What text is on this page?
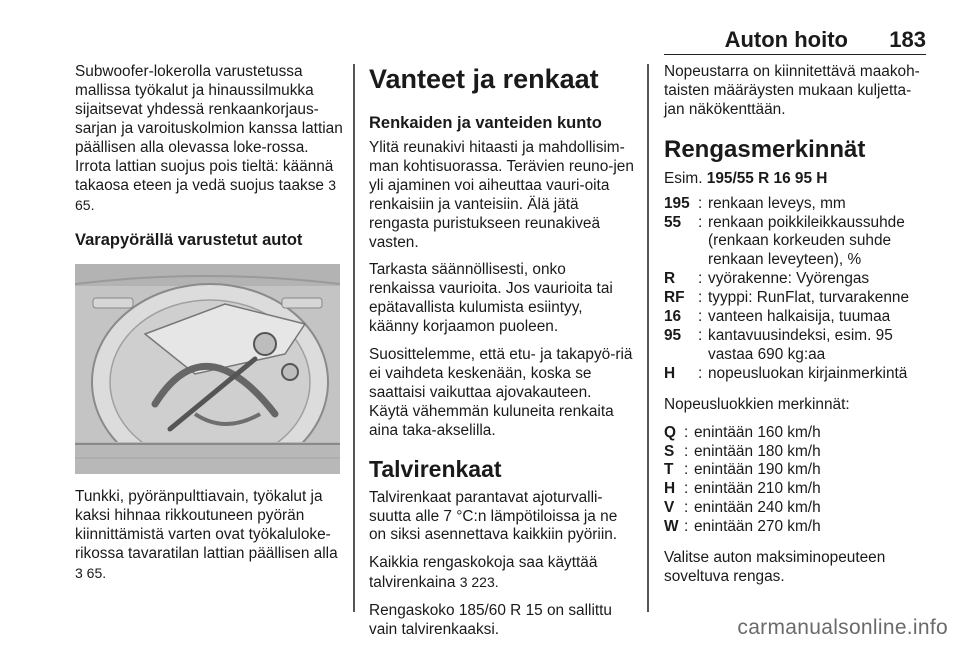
Auton hoito 183

Subwoofer-lokerolla varustetussa mallissa työkalut ja hinaussilmukka sijaitsevat yhdessä renkaankorjaus-sarjan ja varoituskolmion kanssa lattian päällisen alla olevassa loke-rossa. Irrota lattian suojus pois tieltä: käännä takaosa eteen ja vedä suojus taakse 3 65.

Varapyörällä varustetut autot

Tunkki, pyöränpulttiavain, työkalut ja kaksi hihnaa rikkoutuneen pyörän kiinnittämistä varten ovat työkaluloke-rikossa tavaratilan lattian päällisen alla 3 65.

Vanteet ja renkaat
Renkaiden ja vanteiden kunto

Ylitä reunakivi hitaasti ja mahdollisim-man kohtisuorassa. Terävien reuno-jen yli ajaminen voi aiheuttaa vauri-oita renkaisiin ja vanteisiin. Älä jätä rengasta puristukseen reunakiveä vasten.

Tarkasta säännöllisesti, onko renkaissa vaurioita. Jos vaurioita tai epätavallista kulumista esiintyy, käänny korjaamon puoleen.

Suosittelemme, että etu- ja takapyö-riä ei vaihdeta keskenään, koska se saattaisi vaikuttaa ajovakauteen. Käytä vähemmän kuluneita renkaita aina taka-akselilla.

Talvirenkaat

Talvirenkaat parantavat ajoturvalli-suutta alle 7 °C:n lämpötiloissa ja ne on siksi asennettava kaikkiin pyöriin.

Kaikkia rengaskokoja saa käyttää talvirenkaina 3 223.

Rengaskoko 185/60 R 15 on sallittu vain talvirenkaaksi.

Nopeustarra on kiinnitettävä maakoh-taisten määräysten mukaan kuljetta-jan näkökenttään.

Rengasmerkinnät
Esim. 195/55 R 16 95 H
195 : renkaan leveys, mm
55	: renkaan poikkileikkaussuhde (renkaan korkeuden suhde renkaan leveyteen), %
R	: vyörakenne: Vyörengas
RF : tyyppi: RunFlat, turvarakenne
16	: vanteen halkaisija, tuumaa
95	: kantavuusindeksi, esim. 95 vastaa 690 kg:aa
H	: nopeusluokan kirjainmerkintä

Nopeusluokkien merkinnät:

Q : enintään 160 km/h
S : enintään 180 km/h
T : enintään 190 km/h
H : enintään 210 km/h
V : enintään 240 km/h
W : enintään 270 km/h

Valitse auton maksiminopeuteen soveltuva rengas.

carmanualsonline.info
